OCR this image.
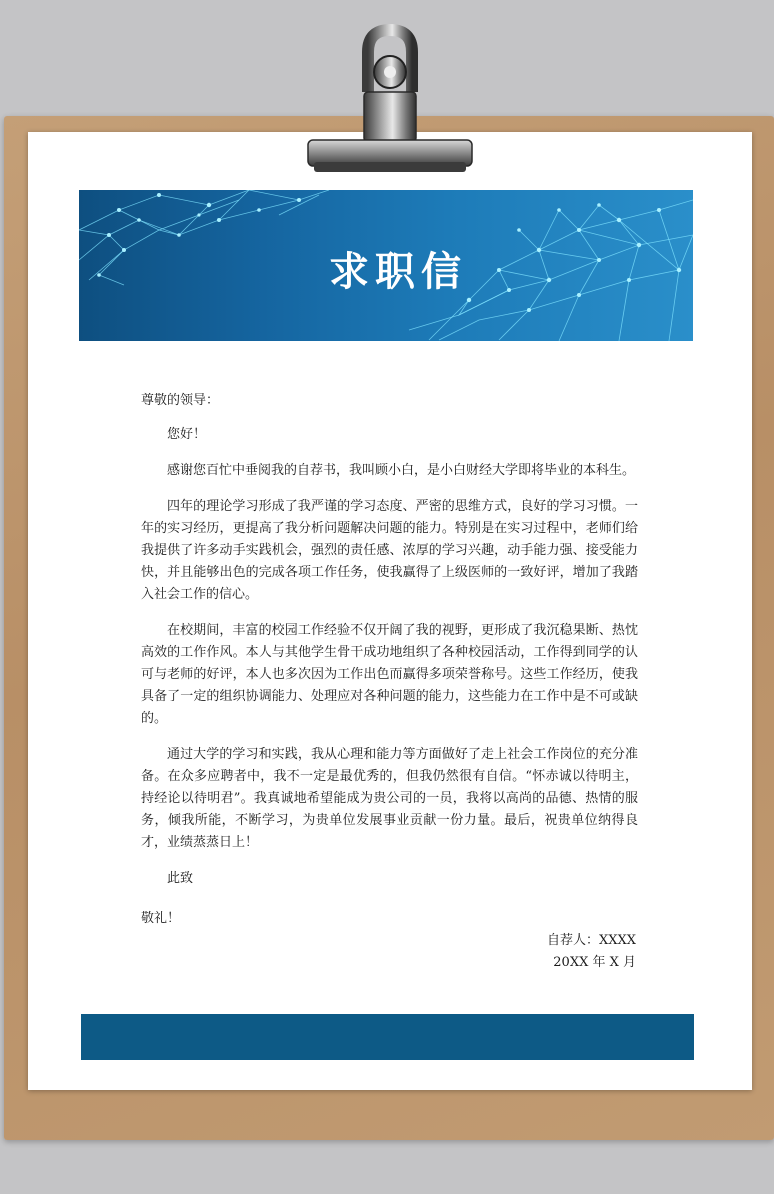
求职信

尊敬的领导：

您好！

感谢您百忙中垂阅我的自荐书，我叫顾小白，是小白财经大学即将毕业的本科生。

四年的理论学习形成了我严谨的学习态度、严密的思维方式，良好的学习习惯。一年的实习经历，更提高了我分析问题解决问题的能力。特别是在实习过程中，老师们给我提供了许多动手实践机会，强烈的责任感、浓厚的学习兴趣，动手能力强、接受能力快，并且能够出色的完成各项工作任务，使我赢得了上级医师的一致好评，增加了我踏入社会工作的信心。

在校期间，丰富的校园工作经验不仅开阔了我的视野，更形成了我沉稳果断、热忱高效的工作作风。本人与其他学生骨干成功地组织了各种校园活动，工作得到同学的认可与老师的好评，本人也多次因为工作出色而赢得多项荣誉称号。这些工作经历，使我具备了一定的组织协调能力、处理应对各种问题的能力，这些能力在工作中是不可或缺的。

通过大学的学习和实践，我从心理和能力等方面做好了走上社会工作岗位的充分准备。在众多应聘者中，我不一定是最优秀的，但我仍然很有自信。“怀赤诚以待明主，持经论以待明君”。我真诚地希望能成为贵公司的一员，我将以高尚的品德、热情的服务，倾我所能，不断学习，为贵单位发展事业贡献一份力量。最后，祝贵单位纳得良才，业绩蒸蒸日上！

此致

敬礼！

自荐人：XXXX

20XX 年 X 月
